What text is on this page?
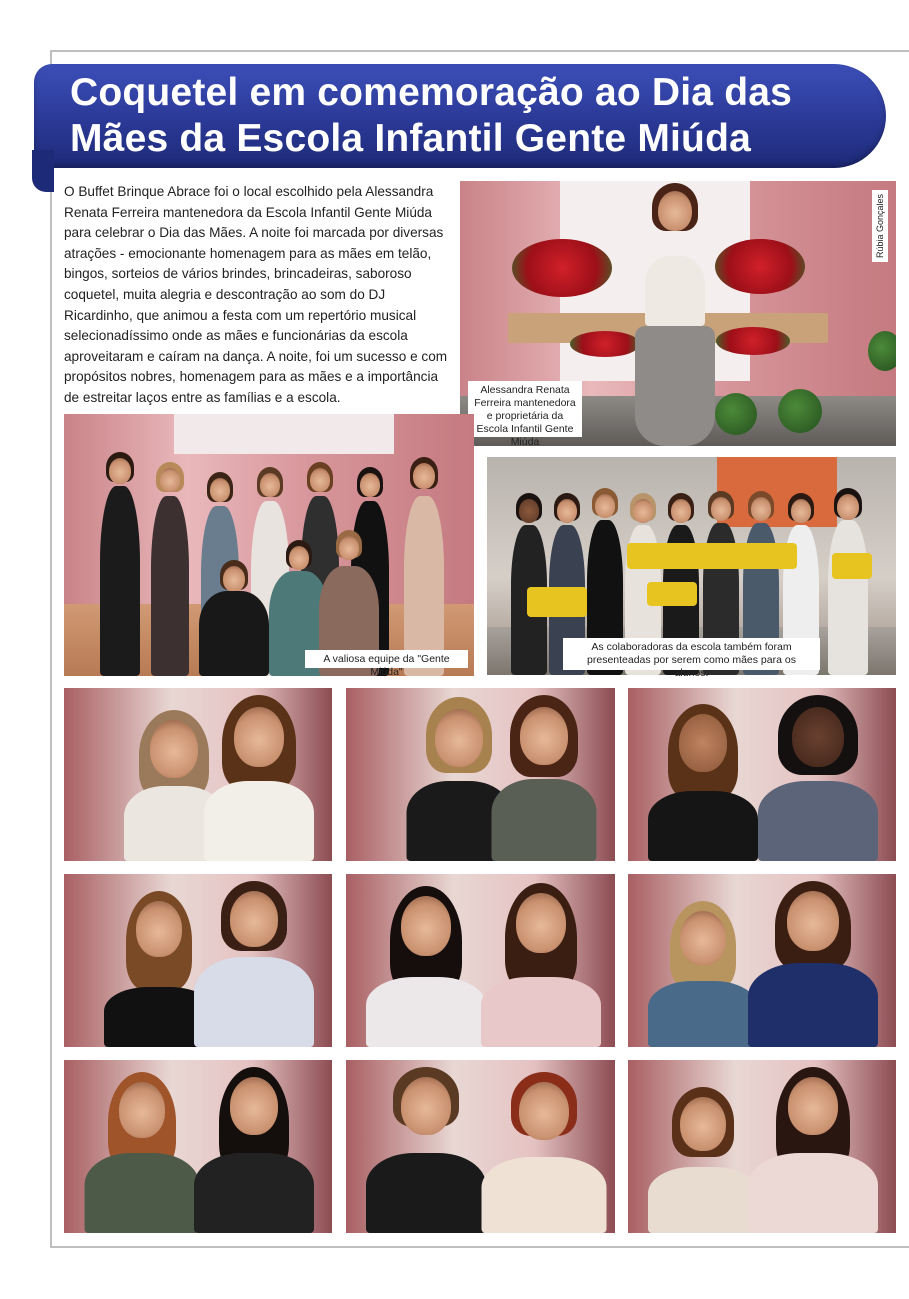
Coquetel em comemoração ao Dia das
Mães da Escola Infantil Gente Miúda
O Buffet Brinque Abrace foi o local escolhido pela Alessandra Renata Ferreira mantenedora da Escola Infantil Gente Miúda para celebrar o Dia das Mães. A noite foi marcada por diversas atrações - emocionante homenagem para as mães em telão, bingos, sorteios de vários brindes, brincadeiras, saboroso coquetel, muita alegria e descontração ao som do DJ Ricardinho, que animou a festa com um repertório musical selecionadíssimo onde as mães e funcionárias da escola aproveitaram e caíram na dança. A noite, foi um sucesso e com propósitos nobres, homenagem para as mães e a importância de estreitar laços entre as famílias e a escola.
Rúbia Gonçales
Alessandra Renata Ferreira mantenedora e proprietária da Escola Infantil Gente Miúda
A valiosa equipe da "Gente Miúda"
As colaboradoras da escola também foram presenteadas por serem como mães para os alunos.
